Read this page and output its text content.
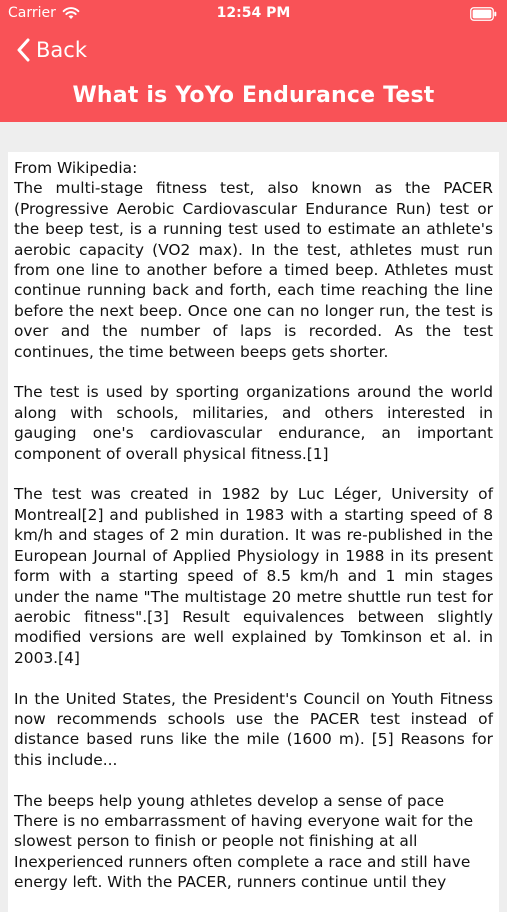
Carrier	12:54 PM
Back
What is YoYo Endurance Test
From Wikipedia:

The multi-stage fitness test, also known as the PACER (Progressive Aerobic Cardiovascular Endurance Run) test or the beep test, is a running test used to estimate an athlete's aerobic capacity (VO2 max). In the test, athletes must run from one line to another before a timed beep. Athletes must continue running back and forth, each time reaching the line before the next beep. Once one can no longer run, the test is over and the number of laps is recorded. As the test continues, the time between beeps gets shorter.

The test is used by sporting organizations around the world along with schools, militaries, and others interested in gauging one's cardiovascular endurance, an important component of overall physical fitness.[1]

The test was created in 1982 by Luc Léger, University of Montreal[2] and published in 1983 with a starting speed of 8 km/h and stages of 2 min duration. It was re-published in the European Journal of Applied Physiology in 1988 in its present form with a starting speed of 8.5 km/h and 1 min stages under the name "The multistage 20 metre shuttle run test for aerobic fitness".[3] Result equivalences between slightly modified versions are well explained by Tomkinson et al. in 2003.[4]

In the United States, the President's Council on Youth Fitness now recommends schools use the PACER test instead of distance based runs like the mile (1600 m). [5] Reasons for this include...

The beeps help young athletes develop a sense of pace

There is no embarrassment of having everyone wait for the slowest person to finish or people not finishing at all

Inexperienced runners often complete a race and still have energy left. With the PACER, runners continue until they
